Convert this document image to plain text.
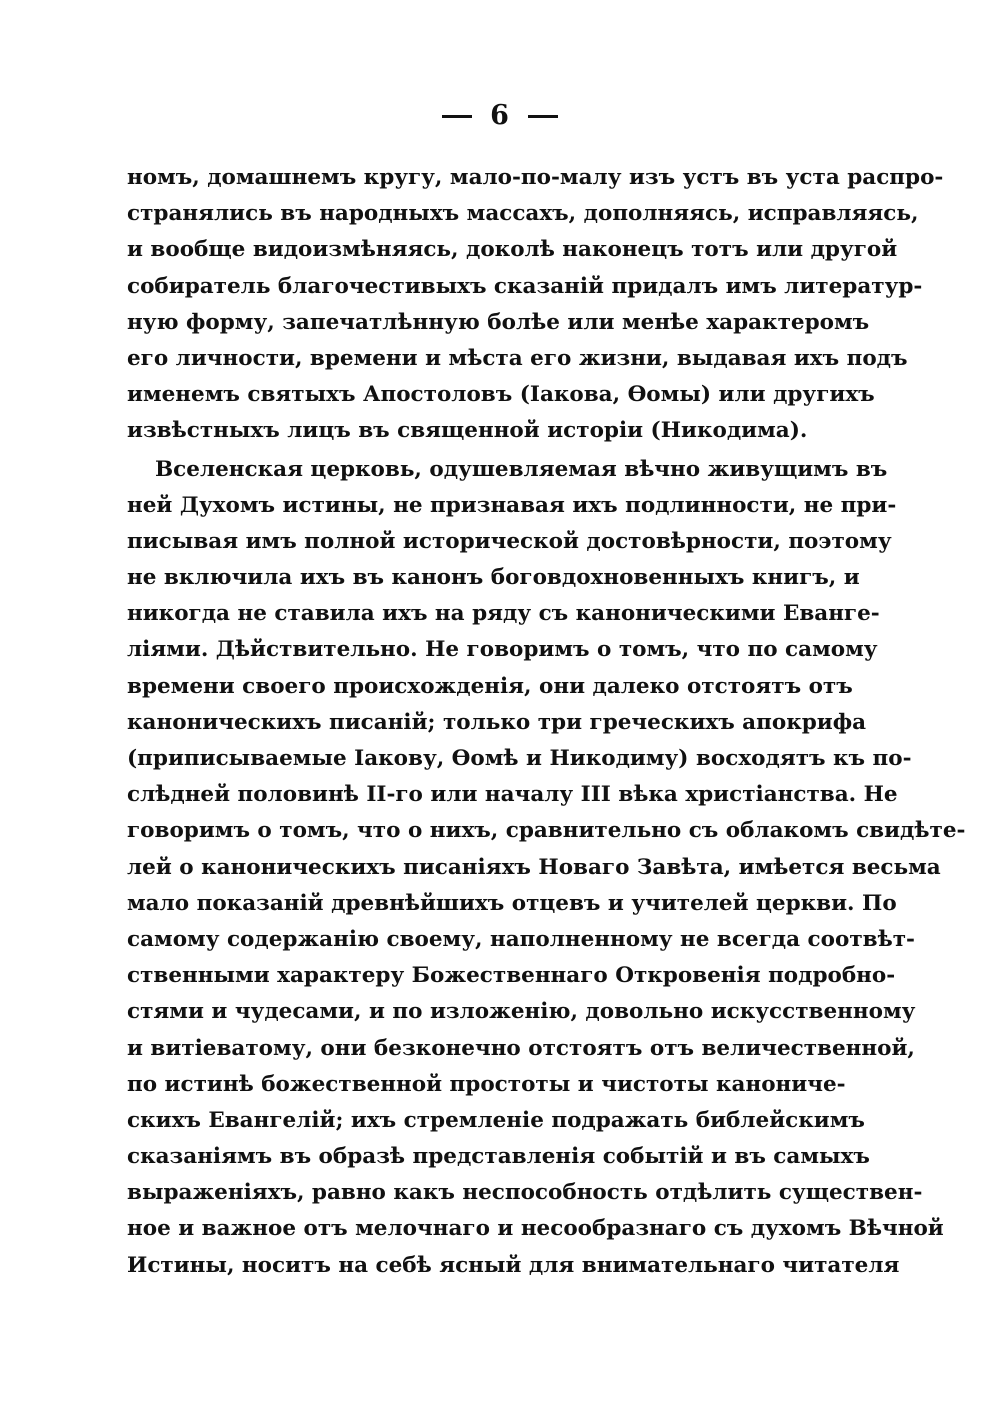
6
номъ, домашнемъ кругу, мало-по-малу изъ устъ въ уста распро-
странялись въ народныхъ массахъ, дополняясь, исправляясь,
и вообще видоизмѣняясь, доколѣ наконецъ тотъ или другой
собиратель благочестивыхъ сказаній придалъ имъ литератур-
ную форму, запечатлѣнную болѣе или менѣе характеромъ
его личности, времени и мѣста его жизни, выдавая ихъ подъ
именемъ святыхъ Апостоловъ (Іакова, Ѳомы) или другихъ
извѣстныхъ лицъ въ священной исторіи (Никодима).
Вселенская церковь, одушевляемая вѣчно живущимъ въ
ней Духомъ истины, не признавая ихъ подлинности, не при-
писывая имъ полной исторической достовѣрности, поэтому
не включила ихъ въ канонъ боговдохновенныхъ книгъ, и
никогда не ставила ихъ на ряду съ каноническими Еванге-
ліями. Дѣйствительно. Не говоримъ о томъ, что по самому
времени своего происхожденія, они далеко отстоятъ отъ
каноническихъ писаній; только три греческихъ апокрифа
(приписываемые Іакову, Ѳомѣ и Никодиму) восходятъ къ по-
слѣдней половинѣ II-го или началу III вѣка христіанства. Не
говоримъ о томъ, что о нихъ, сравнительно съ облакомъ свидѣте-
лей о каноническихъ писаніяхъ Новаго Завѣта, имѣется весьма
мало показаній древнѣйшихъ отцевъ и учителей церкви. По
самому содержанію своему, наполненному не всегда соотвѣт-
ственными характеру Божественнаго Откровенія подробно-
стями и чудесами, и по изложенію, довольно искусственному
и витіеватому, они безконечно отстоятъ отъ величественной,
по истинѣ божественной простоты и чистоты канониче-
скихъ Евангелій; ихъ стремленіе подражать библейскимъ
сказаніямъ въ образѣ представленія событій и въ самыхъ
выраженіяхъ, равно какъ неспособность отдѣлить существен-
ное и важное отъ мелочнаго и несообразнаго съ духомъ Вѣчной
Истины, носитъ на себѣ ясный для внимательнаго читателя
